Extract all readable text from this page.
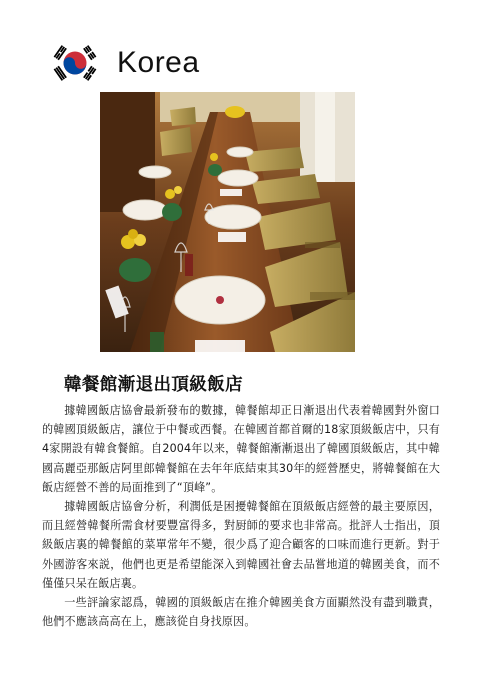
Korea
韓餐館漸退出頂級飯店

據韓國飯店協會最新發布的數據，韓餐館却正日漸退出代表着韓國對外窗口的韓國頂級飯店，讓位于中餐或西餐。在韓國首都首爾的18家頂級飯店中，只有4家開設有韓食餐館。自2004年以来，韓餐館漸漸退出了韓國頂級飯店，其中韓國高麗亞那飯店阿里郎韓餐館在去年年底結束其30年的經營歷史，將韓餐館在大飯店經營不善的局面推到了“頂峰”。

據韓國飯店協會分析，利潤低是困擾韓餐館在頂級飯店經營的最主要原因，而且經營韓餐所需食材要豐富得多，對厨師的要求也非常高。批評人士指出，頂級飯店裏的韓餐館的菜單常年不變，很少爲了迎合顧客的口味而進行更新。對于外國游客來説，他們也更是希望能深入到韓國社會去品嘗地道的韓國美食，而不僅僅只呆在飯店裏。

一些評論家認爲，韓國的頂級飯店在推介韓國美食方面顯然没有盡到職責，他們不應該高高在上，應該從自身找原因。
